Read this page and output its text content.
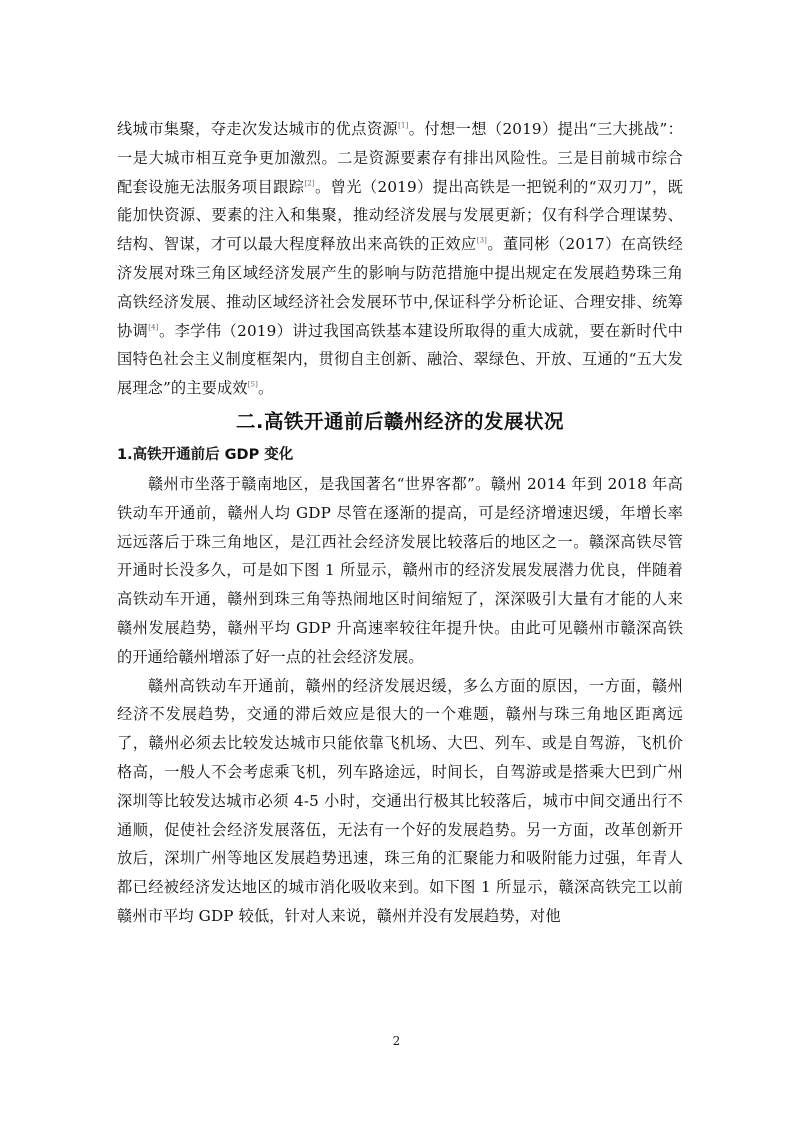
线城市集聚，夺走次发达城市的优点资源[1]。付想一想（2019）提出“三大挑战”：一是大城市相互竞争更加激烈。二是资源要素存有排出风险性。三是目前城市综合配套设施无法服务项目跟踪[2]。曾光（2019）提出高铁是一把锐利的“双刃刀”，既能加快资源、要素的注入和集聚，推动经济发展与发展更新；仅有科学合理谋势、结构、智谋，才可以最大程度释放出来高铁的正效应[3]。董同彬（2017）在高铁经济发展对珠三角区域经济发展产生的影响与防范措施中提出规定在发展趋势珠三角高铁经济发展、推动区域经济社会发展环节中,保证科学分析论证、合理安排、统筹协调[4]。李学伟（2019）讲过我国高铁基本建设所取得的重大成就，要在新时代中国特色社会主义制度框架内，贯彻自主创新、融洽、翠绿色、开放、互通的“五大发展理念”的主要成效[5]。

二.高铁开通前后赣州经济的发展状况
1.高铁开通前后 GDP 变化

赣州市坐落于赣南地区，是我国著名“世界客都”。赣州 2014 年到 2018 年高铁动车开通前，赣州人均 GDP 尽管在逐渐的提高，可是经济增速迟缓，年增长率远远落后于珠三角地区，是江西社会经济发展比较落后的地区之一。赣深高铁尽管开通时长没多久，可是如下图 1 所显示，赣州市的经济发展发展潜力优良，伴随着高铁动车开通，赣州到珠三角等热闹地区时间缩短了，深深吸引大量有才能的人来赣州发展趋势，赣州平均 GDP 升高速率较往年提升快。由此可见赣州市赣深高铁的开通给赣州增添了好一点的社会经济发展。

赣州高铁动车开通前，赣州的经济发展迟缓，多么方面的原因，一方面，赣州经济不发展趋势，交通的滞后效应是很大的一个难题，赣州与珠三角地区距离远了，赣州必须去比较发达城市只能依靠飞机场、大巴、列车、或是自驾游，飞机价格高，一般人不会考虑乘飞机，列车路途远，时间长，自驾游或是搭乘大巴到广州深圳等比较发达城市必须 4-5 小时，交通出行极其比较落后，城市中间交通出行不通顺，促使社会经济发展落伍，无法有一个好的发展趋势。另一方面，改革创新开放后，深圳广州等地区发展趋势迅速，珠三角的汇聚能力和吸附能力过强，年青人都已经被经济发达地区的城市消化吸收来到。如下图 1 所显示，赣深高铁完工以前赣州市平均 GDP 较低，针对人来说，赣州并没有发展趋势，对他

2
